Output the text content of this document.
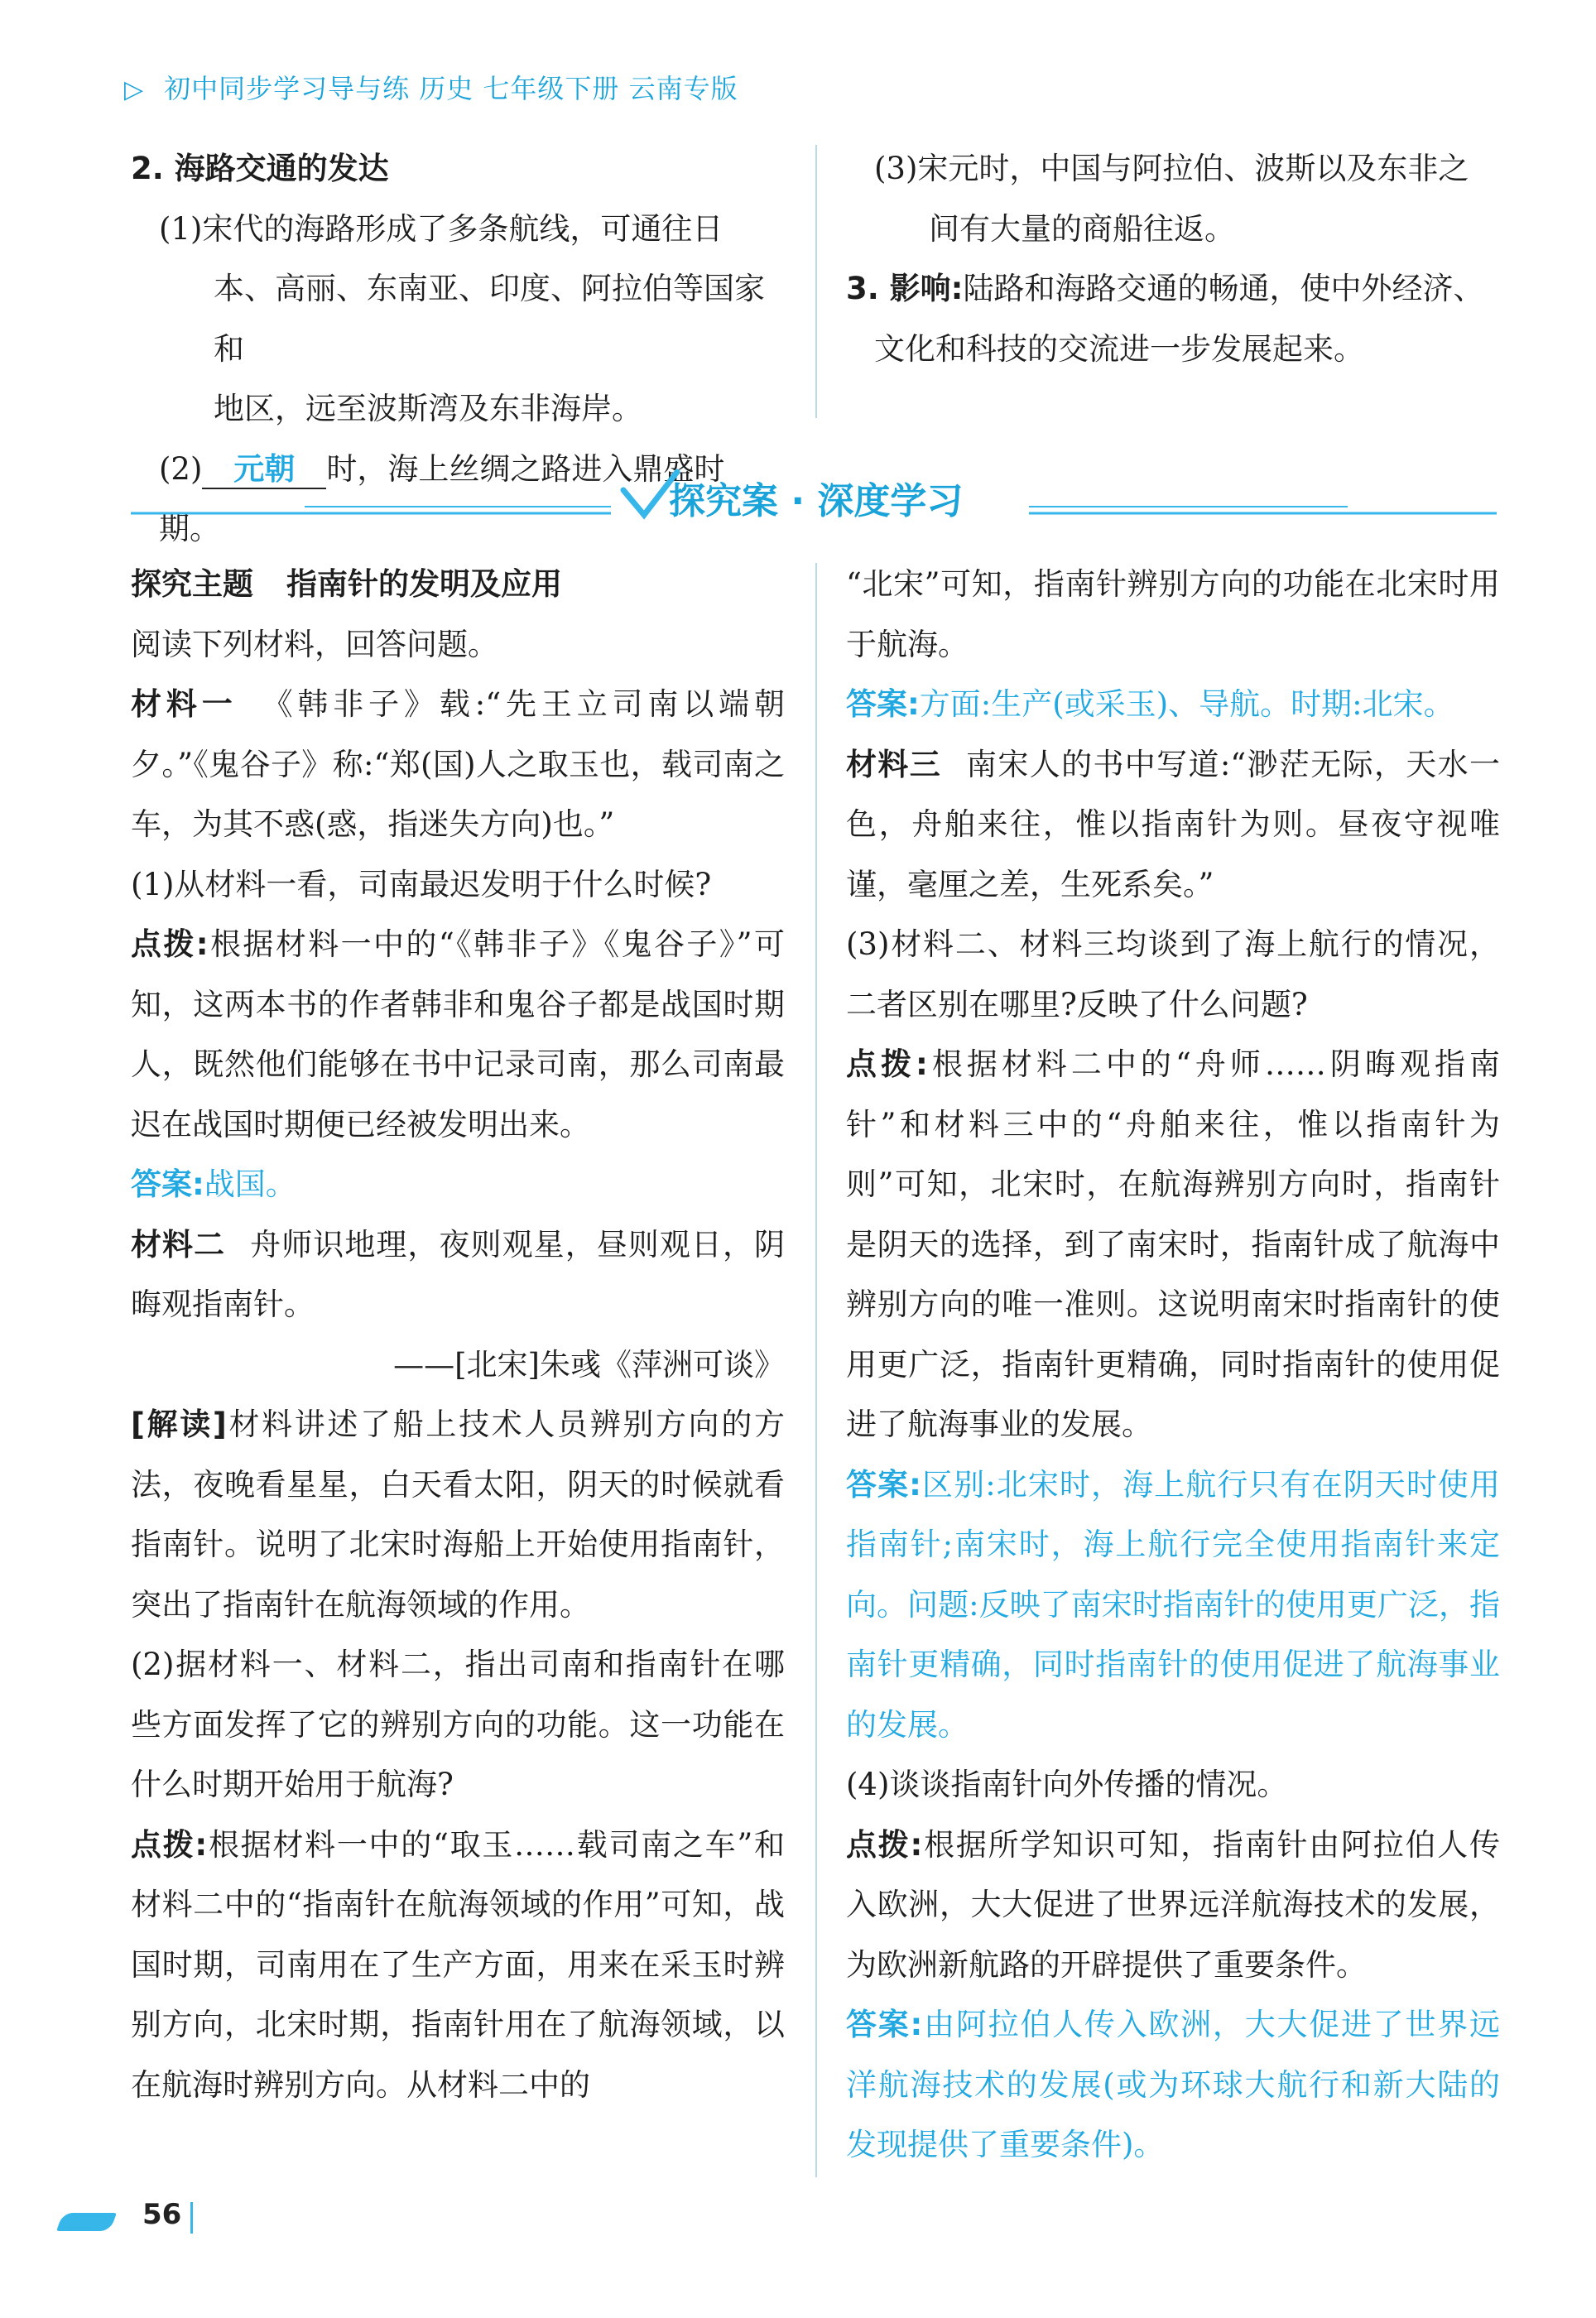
▷ 初中同步学习导与练 历史 七年级下册 云南专版

2. 海路交通的发达

(1)宋代的海路形成了多条航线，可通往日

本、高丽、东南亚、印度、阿拉伯等国家和

地区，远至波斯湾及东非海岸。

(2) 元朝 时，海上丝绸之路进入鼎盛时期。

(3)宋元时，中国与阿拉伯、波斯以及东非之

间有大量的商船往返。

3. 影响:陆路和海路交通的畅通，使中外经济、

文化和科技的交流进一步发展起来。

探究案 · 深度学习

探究主题 指南针的发明及应用

阅读下列材料，回答问题。

材料一 《韩非子》载:“先王立司南以端朝夕。”《鬼谷子》称:“郑(国)人之取玉也，载司南之车，为其不惑(惑，指迷失方向)也。”

(1)从材料一看，司南最迟发明于什么时候?

点拨:根据材料一中的“《韩非子》《鬼谷子》”可知，这两本书的作者韩非和鬼谷子都是战国时期人，既然他们能够在书中记录司南，那么司南最迟在战国时期便已经被发明出来。

答案:战国。

材料二 舟师识地理，夜则观星，昼则观日，阴晦观指南针。

——[北宋]朱彧《萍洲可谈》

[解读]材料讲述了船上技术人员辨别方向的方法，夜晚看星星，白天看太阳，阴天的时候就看指南针。说明了北宋时海船上开始使用指南针，突出了指南针在航海领域的作用。

(2)据材料一、材料二，指出司南和指南针在哪些方面发挥了它的辨别方向的功能。这一功能在什么时期开始用于航海?

点拨:根据材料一中的“取玉……载司南之车”和材料二中的“指南针在航海领域的作用”可知，战国时期，司南用在了生产方面，用来在采玉时辨别方向，北宋时期，指南针用在了航海领域，以在航海时辨别方向。从材料二中的

“北宋”可知，指南针辨别方向的功能在北宋时用于航海。

答案:方面:生产(或采玉)、导航。时期:北宋。

材料三 南宋人的书中写道:“渺茫无际，天水一色，舟舶来往，惟以指南针为则。昼夜守视唯谨，毫厘之差，生死系矣。”

(3)材料二、材料三均谈到了海上航行的情况，二者区别在哪里?反映了什么问题?

点拨:根据材料二中的“舟师……阴晦观指南针”和材料三中的“舟舶来往，惟以指南针为则”可知，北宋时，在航海辨别方向时，指南针是阴天的选择，到了南宋时，指南针成了航海中辨别方向的唯一准则。这说明南宋时指南针的使用更广泛，指南针更精确，同时指南针的使用促进了航海事业的发展。

答案:区别:北宋时，海上航行只有在阴天时使用指南针;南宋时，海上航行完全使用指南针来定向。问题:反映了南宋时指南针的使用更广泛，指南针更精确，同时指南针的使用促进了航海事业的发展。

(4)谈谈指南针向外传播的情况。

点拨:根据所学知识可知，指南针由阿拉伯人传入欧洲，大大促进了世界远洋航海技术的发展，为欧洲新航路的开辟提供了重要条件。

答案:由阿拉伯人传入欧洲，大大促进了世界远洋航海技术的发展(或为环球大航行和新大陆的发现提供了重要条件)。

56
